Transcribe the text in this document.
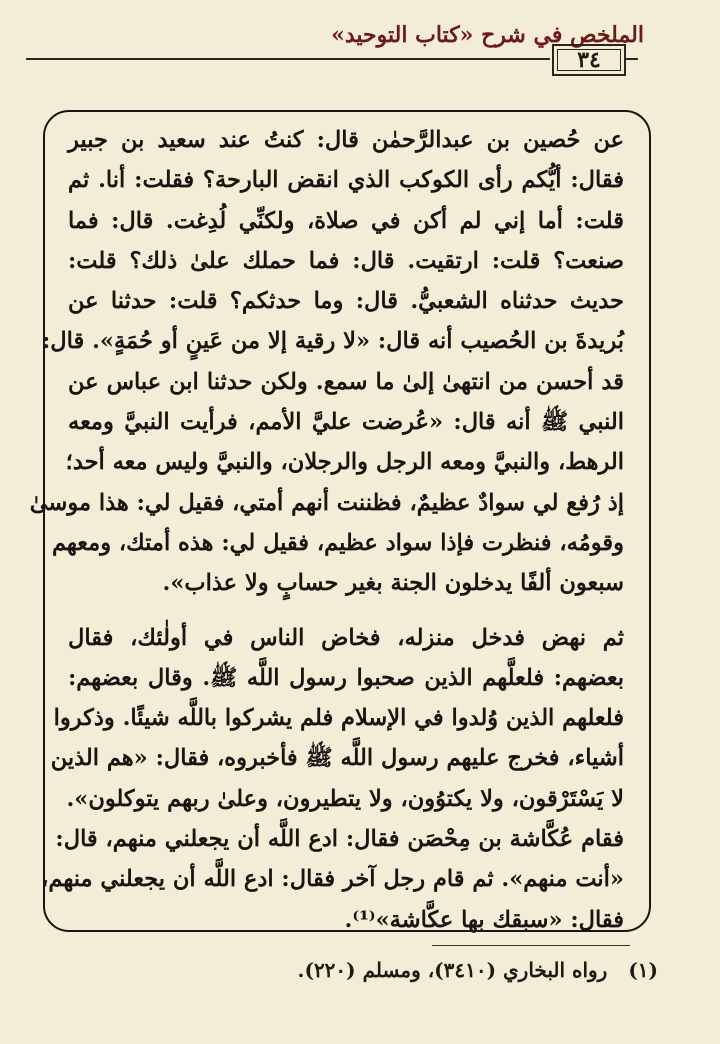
الملخص في شرح «كتاب التوحيد»
٣٤

عن حُصين بن عبدالرَّحمٰن قال: كنتُ عند سعيد بن جبير
فقال: أيُّكم رأى الكوكب الذي انقض البارحة؟ فقلت: أنا. ثم
قلت: أما إني لم أكن في صلاة، ولكنِّي لُدِغت. قال: فما
صنعت؟ قلت: ارتقيت. قال: فما حملك علىٰ ذلك؟ قلت:
حديث حدثناه الشعبيُّ. قال: وما حدثكم؟ قلت: حدثنا عن
بُريدةَ بن الحُصيب أنه قال: «لا رقية إلا من عَينٍ أو حُمَةٍ». قال:
قد أحسن من انتهىٰ إلىٰ ما سمع. ولكن حدثنا ابن عباس عن
النبي ﷺ أنه قال: «عُرضت عليَّ الأمم، فرأيت النبيَّ ومعه
الرهط، والنبيَّ ومعه الرجل والرجلان، والنبيَّ وليس معه أحد؛
إذ رُفع لي سوادٌ عظيمٌ، فظننت أنهم أمتي، فقيل لي: هذا موسىٰ
وقومُه، فنظرت فإذا سواد عظيم، فقيل لي: هذه أمتك، ومعهم
سبعون ألفًا يدخلون الجنة بغير حسابٍ ولا عذاب».

ثم نهض فدخل منزله، فخاض الناس في أولٰئك، فقال
بعضهم: فلعلَّهم الذين صحبوا رسول اللَّه ﷺ. وقال بعضهم:
فلعلهم الذين وُلدوا في الإسلام فلم يشركوا باللَّه شيئًا. وذكروا
أشياء، فخرج عليهم رسول اللَّه ﷺ فأخبروه، فقال: «هم الذين
لا يَسْتَرْقون، ولا يكتوُون، ولا يتطيرون، وعلىٰ ربهم يتوكلون».
فقام عُكَّاشة بن مِحْصَن فقال: ادع اللَّه أن يجعلني منهم، قال:
«أنت منهم». ثم قام رجل آخر فقال: ادع اللَّه أن يجعلني منهم،
فقال: «سبقك بها عكَّاشة»⁽¹⁾.

(١) رواه البخاري (٣٤١٠)، ومسلم (٢٢٠).
